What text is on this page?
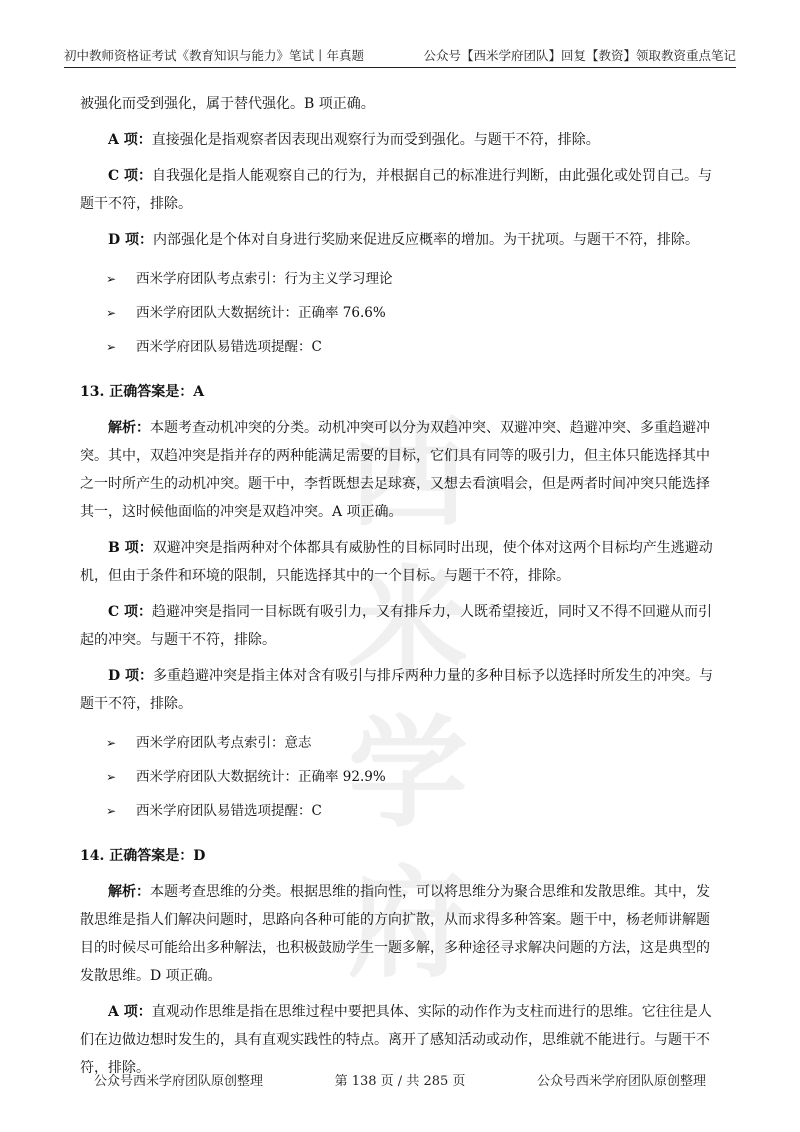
初中教师资格证考试《教育知识与能力》笔试丨年真题	公众号【西米学府团队】回复【教资】领取教资重点笔记
西米学府

被强化而受到强化，属于替代强化。B 项正确。

A 项：直接强化是指观察者因表现出观察行为而受到强化。与题干不符，排除。

C 项：自我强化是指人能观察自己的行为，并根据自己的标准进行判断，由此强化或处罚自己。与题干不符，排除。

D 项：内部强化是个体对自身进行奖励来促进反应概率的增加。为干扰项。与题干不符，排除。

➢	西米学府团队考点索引：行为主义学习理论
➢	西米学府团队大数据统计：正确率 76.6%
➢	西米学府团队易错选项提醒：C
13. 正确答案是：A

解析：本题考查动机冲突的分类。动机冲突可以分为双趋冲突、双避冲突、趋避冲突、多重趋避冲突。其中，双趋冲突是指并存的两种能满足需要的目标，它们具有同等的吸引力，但主体只能选择其中之一时所产生的动机冲突。题干中，李哲既想去足球赛，又想去看演唱会，但是两者时间冲突只能选择其一，这时候他面临的冲突是双趋冲突。A 项正确。

B 项：双避冲突是指两种对个体都具有威胁性的目标同时出现，使个体对这两个目标均产生逃避动机，但由于条件和环境的限制，只能选择其中的一个目标。与题干不符，排除。

C 项：趋避冲突是指同一目标既有吸引力，又有排斥力，人既希望接近，同时又不得不回避从而引起的冲突。与题干不符，排除。

D 项：多重趋避冲突是指主体对含有吸引与排斥两种力量的多种目标予以选择时所发生的冲突。与题干不符，排除。

➢	西米学府团队考点索引：意志
➢	西米学府团队大数据统计：正确率 92.9%
➢	西米学府团队易错选项提醒：C
14. 正确答案是：D

解析：本题考查思维的分类。根据思维的指向性，可以将思维分为聚合思维和发散思维。其中，发散思维是指人们解决问题时，思路向各种可能的方向扩散，从而求得多种答案。题干中，杨老师讲解题目的时候尽可能给出多种解法，也积极鼓励学生一题多解，多种途径寻求解决问题的方法，这是典型的发散思维。D 项正确。

A 项：直观动作思维是指在思维过程中要把具体、实际的动作作为支柱而进行的思维。它往往是人们在边做边想时发生的，具有直观实践性的特点。离开了感知活动或动作，思维就不能进行。与题干不符，排除。

公众号西米学府团队原创整理	第 138 页 / 共 285 页	公众号西米学府团队原创整理
